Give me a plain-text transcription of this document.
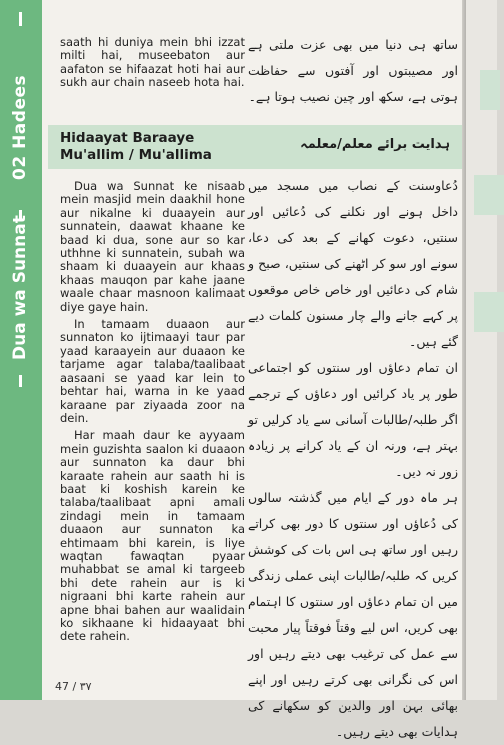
02 Hadees
Dua wa Sunnat

saath hi duniya mein bhi izzat milti hai, museebaton aur aafaton se hifaazat hoti hai aur sukh aur chain naseeb hota hai.

ساتھ ہی دنیا میں بھی عزت ملتی ہے اور مصیبتوں اور آفتوں سے حفاظت ہوتی ہے، سکھ اور چین نصیب ہوتا ہے۔
Hidaayat Baraaye Mu'allim / Mu'allima
ہدایت برائے معلم/معلمہ

Dua wa Sunnat ke nisaab mein masjid mein daakhil hone aur nikalne ki duaayein aur sunnatein, daawat khaane ke baad ki dua, sone aur so kar uthhne ki sunnatein, subah wa shaam ki duaayein aur khaas khaas mauqon par kahe jaane waale chaar masnoon kalimaat diye gaye hain.

In tamaam duaaon aur sunnaton ko ijtimaayi taur par yaad karaayein aur duaaon ke tarjame agar talaba/taalibaat aasaani se yaad kar lein to behtar hai, warna in ke yaad karaane par ziyaada zoor na dein.

Har maah daur ke ayyaam mein guzishta saalon ki duaaon aur sunnaton ka daur bhi karaate rahein aur saath hi is baat ki koshish karein ke talaba/taalibaat apni amali zindagi mein in tamaam duaaon aur sunnaton ka ehtimaam bhi karein, is liye waqtan fawaqtan pyaar muhabbat se amal ki targeeb bhi dete rahein aur is ki nigraani bhi karte rahein aur apne bhai bahen aur waalidain ko sikhaane ki hidaayaat bhi dete rahein.

دُعاوسنت کے نصاب میں مسجد میں داخل ہونے اور نکلنے کی دُعائیں اور سنتیں، دعوت کھانے کے بعد کی دعا، سونے اور سو کر اٹھنے کی سنتیں، صبح و شام کی دعائیں اور خاص خاص موقعوں پر کہے جانے والے چار مسنون کلمات دیے گئے ہیں۔
ان تمام دعاؤں اور سنتوں کو اجتماعی طور پر یاد کرائیں اور دعاؤں کے ترجمے اگر طلبہ/طالبات آسانی سے یاد کرلیں تو بہتر ہے، ورنہ ان کے یاد کرانے پر زیادہ زور نہ دیں۔
ہر ماہ دور کے ایام میں گذشتہ سالوں کی دُعاؤں اور سنتوں کا دور بھی کراتے رہیں اور ساتھ ہی اس بات کی کوشش کریں کہ طلبہ/طالبات اپنی عملی زندگی میں ان تمام دعاؤں اور سنتوں کا اہتمام بھی کریں، اس لیے وقتاً فوقتاً پیار محبت سے عمل کی ترغیب بھی دیتے رہیں اور اس کی نگرانی بھی کرتے رہیں اور اپنے بھائی بہن اور والدین کو سکھانے کی ہدایات بھی دیتے رہیں۔
47 / ٣٧
